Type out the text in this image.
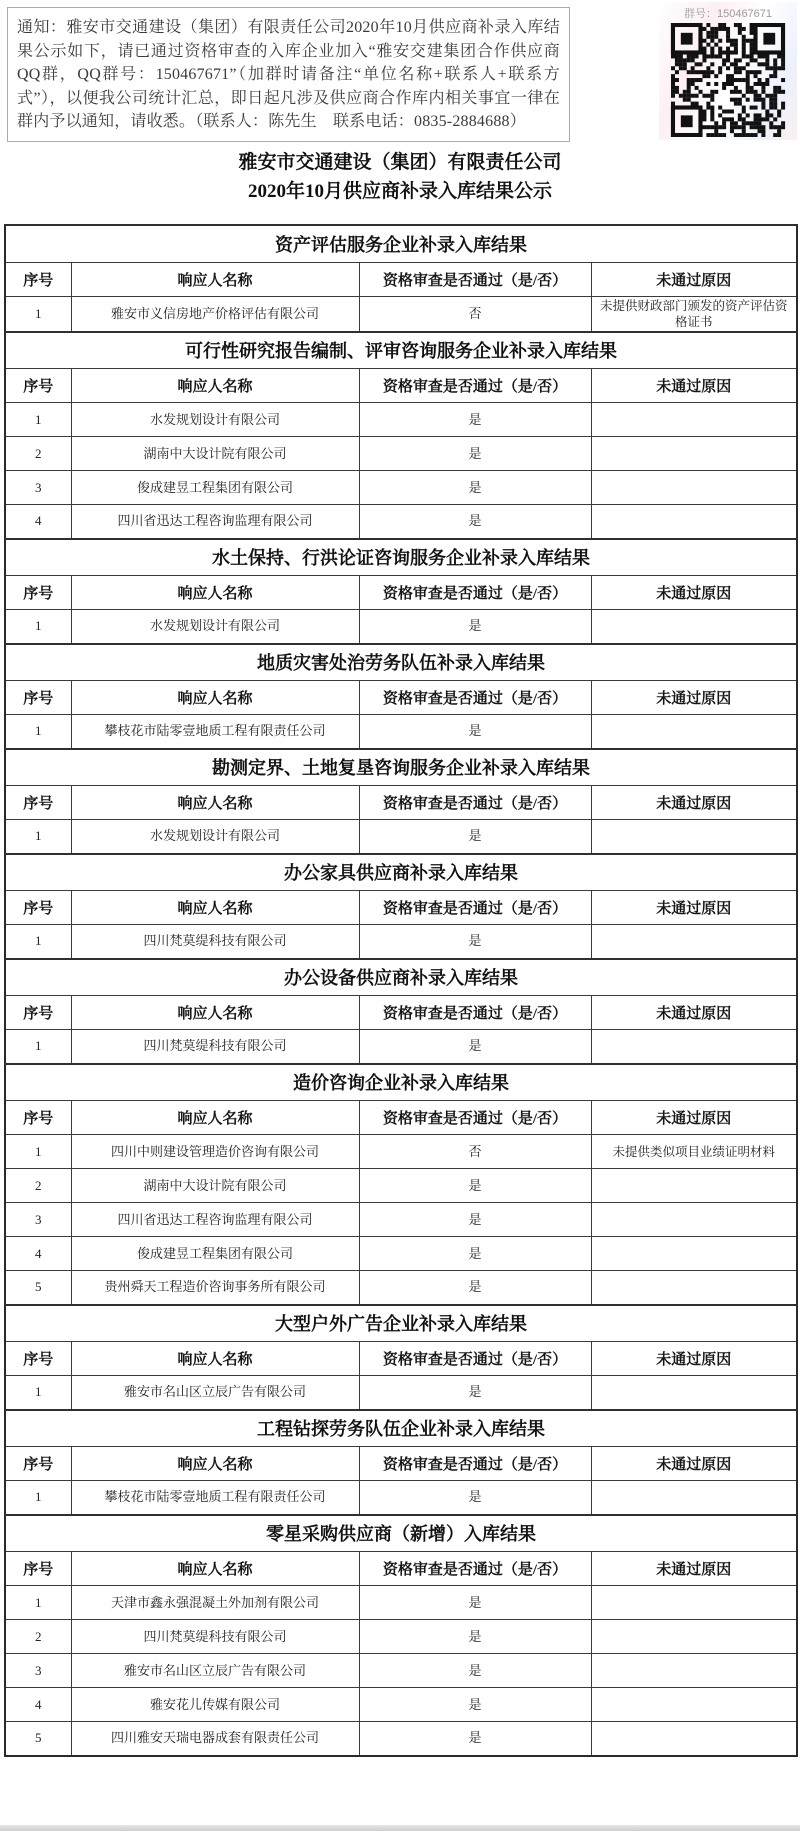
通知：雅安市交通建设（集团）有限责任公司2020年10月供应商补录入库结果公示如下，请已通过资格审查的入库企业加入“雅安交建集团合作供应商QQ群，QQ群号：150467671”（加群时请备注“单位名称+联系人+联系方式”），以便我公司统计汇总，即日起凡涉及供应商合作库内相关事宜一律在群内予以通知，请收悉。（联系人：陈先生　联系电话：0835-2884688）
群号：150467671
雅安市交通建设（集团）有限责任公司
2020年10月供应商补录入库结果公示
资产评估服务企业补录入库结果			
序号	响应人名称	资格审查是否通过（是/否）	未通过原因
1	雅安市义信房地产价格评估有限公司	否	未提供财政部门颁发的资产评估资格证书
可行性研究报告编制、评审咨询服务企业补录入库结果			
序号	响应人名称	资格审查是否通过（是/否）	未通过原因
1	水发规划设计有限公司	是	
2	湖南中大设计院有限公司	是	
3	俊成建昱工程集团有限公司	是	
4	四川省迅达工程咨询监理有限公司	是	
水土保持、行洪论证咨询服务企业补录入库结果			
序号	响应人名称	资格审查是否通过（是/否）	未通过原因
1	水发规划设计有限公司	是	
地质灾害处治劳务队伍补录入库结果			
序号	响应人名称	资格审查是否通过（是/否）	未通过原因
1	攀枝花市陆零壹地质工程有限责任公司	是	
勘测定界、土地复垦咨询服务企业补录入库结果			
序号	响应人名称	资格审查是否通过（是/否）	未通过原因
1	水发规划设计有限公司	是	
办公家具供应商补录入库结果			
序号	响应人名称	资格审查是否通过（是/否）	未通过原因
1	四川梵莫缇科技有限公司	是	
办公设备供应商补录入库结果			
序号	响应人名称	资格审查是否通过（是/否）	未通过原因
1	四川梵莫缇科技有限公司	是	
造价咨询企业补录入库结果			
序号	响应人名称	资格审查是否通过（是/否）	未通过原因
1	四川中则建设管理造价咨询有限公司	否	未提供类似项目业绩证明材料
2	湖南中大设计院有限公司	是	
3	四川省迅达工程咨询监理有限公司	是	
4	俊成建昱工程集团有限公司	是	
5	贵州舜天工程造价咨询事务所有限公司	是	
大型户外广告企业补录入库结果			
序号	响应人名称	资格审查是否通过（是/否）	未通过原因
1	雅安市名山区立辰广告有限公司	是	
工程钻探劳务队伍企业补录入库结果			
序号	响应人名称	资格审查是否通过（是/否）	未通过原因
1	攀枝花市陆零壹地质工程有限责任公司	是	
零星采购供应商（新增）入库结果			
序号	响应人名称	资格审查是否通过（是/否）	未通过原因
1	天津市鑫永强混凝土外加剂有限公司	是	
2	四川梵莫缇科技有限公司	是	
3	雅安市名山区立辰广告有限公司	是	
4	雅安花儿传媒有限公司	是	
5	四川雅安天瑞电器成套有限责任公司	是	
